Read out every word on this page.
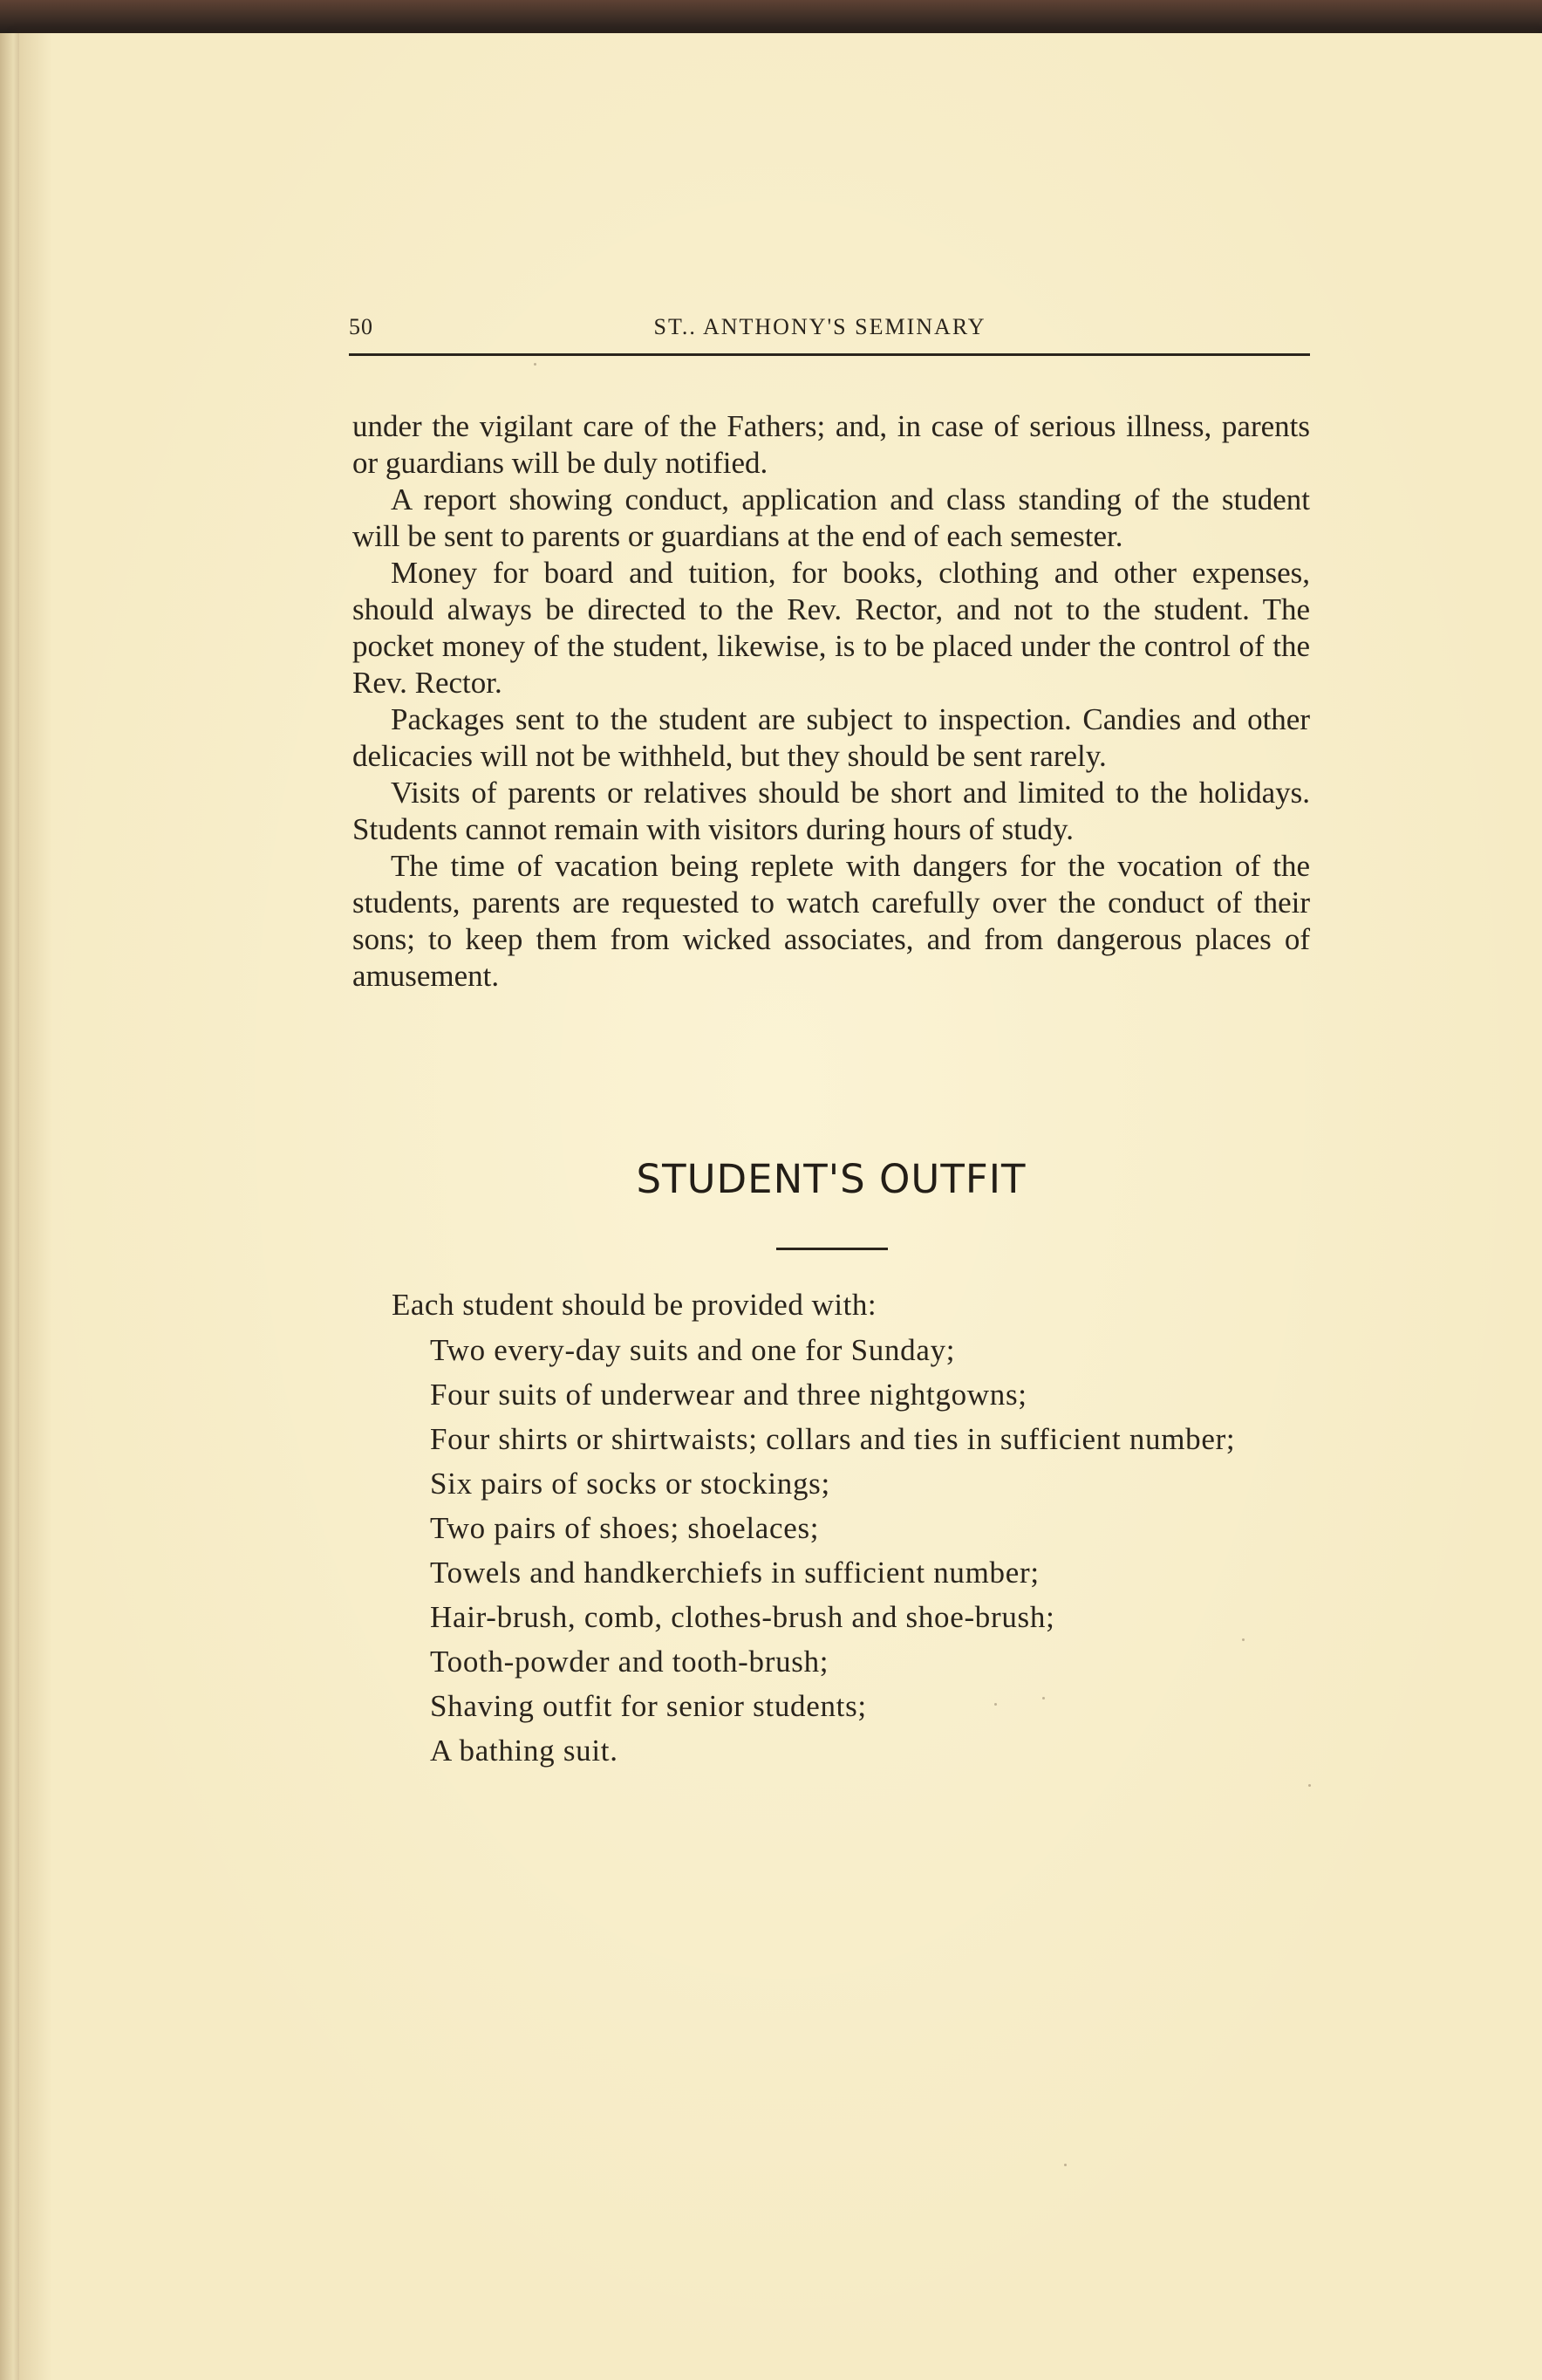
50	ST.. ANTHONY'S SEMINARY

under the vigilant care of the Fathers; and, in case of serious illness, parents or guardians will be duly notified.

A report showing conduct, application and class standing of the student will be sent to parents or guardians at the end of each semester.

Money for board and tuition, for books, clothing and other expenses, should always be directed to the Rev. Rector, and not to the student. The pocket money of the student, likewise, is to be placed under the control of the Rev. Rector.

Packages sent to the student are subject to inspection. Candies and other delicacies will not be withheld, but they should be sent rarely.

Visits of parents or relatives should be short and limited to the holidays. Students cannot remain with visitors during hours of study.

The time of vacation being replete with dangers for the vocation of the students, parents are requested to watch carefully over the conduct of their sons; to keep them from wicked associates, and from dangerous places of amusement.

STUDENT'S OUTFIT
Each student should be provided with:
Two every-day suits and one for Sunday;
Four suits of underwear and three nightgowns;
Four shirts or shirtwaists; collars and ties in sufficient number;
Six pairs of socks or stockings;
Two pairs of shoes; shoelaces;
Towels and handkerchiefs in sufficient number;
Hair-brush, comb, clothes-brush and shoe-brush;
Tooth-powder and tooth-brush;
Shaving outfit for senior students;
A bathing suit.
